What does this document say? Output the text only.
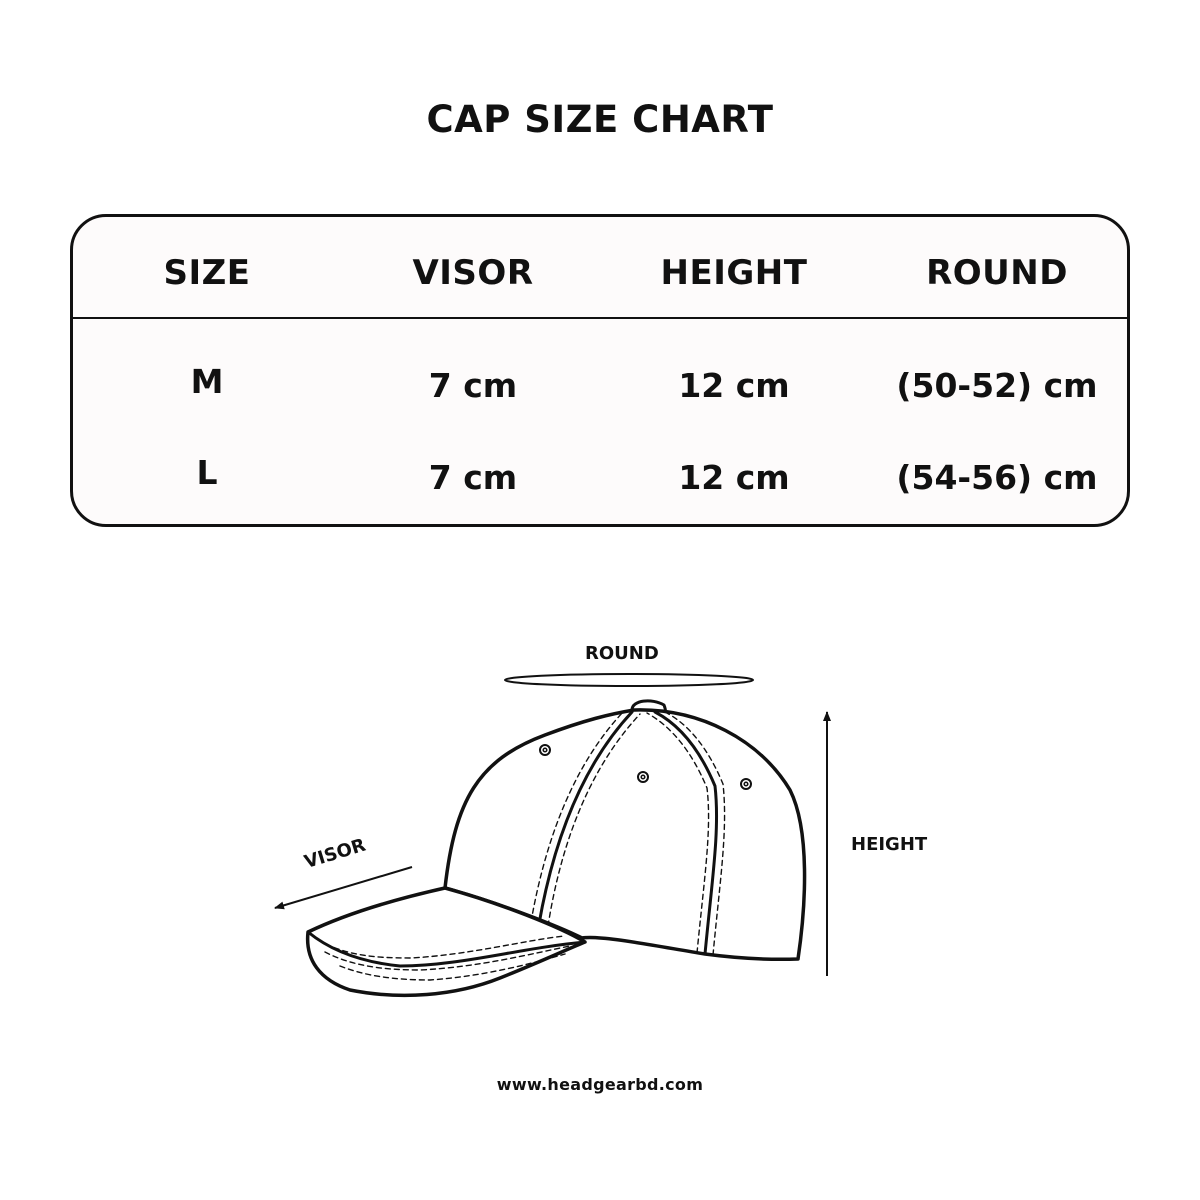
CAP SIZE CHART
SIZE	VISOR	HEIGHT	ROUND
M	7 cm	12 cm	(50-52) cm
L	7 cm	12 cm	(54-56) cm
ROUND
HEIGHT
VISOR
www.headgearbd.com
